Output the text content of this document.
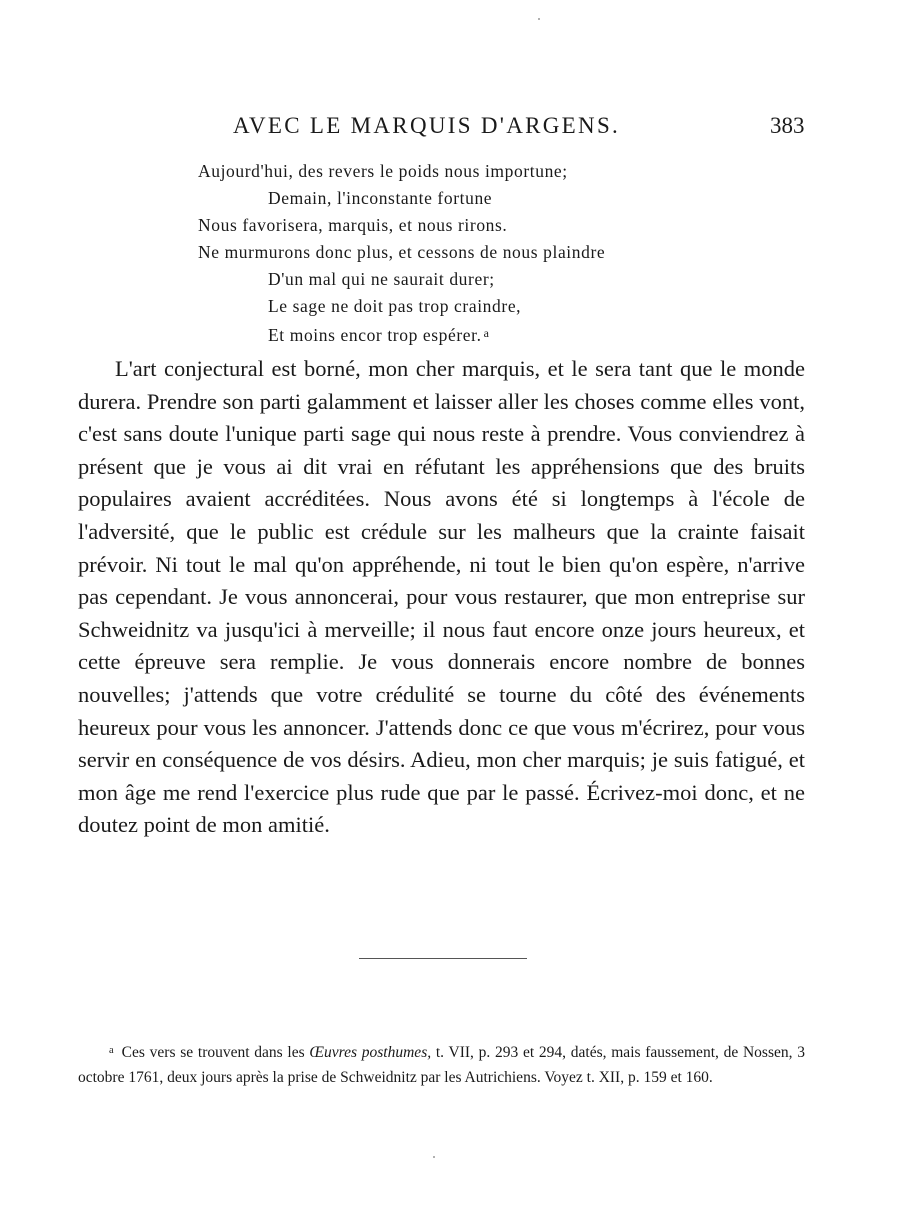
AVEC LE MARQUIS D'ARGENS.	383
Aujourd'hui, des revers le poids nous importune;
Demain, l'inconstante fortune
Nous favorisera, marquis, et nous rirons.
Ne murmurons donc plus, et cessons de nous plaindre
D'un mal qui ne saurait durer;
Le sage ne doit pas trop craindre,
Et moins encor trop espérer. $^a$

L'art conjectural est borné, mon cher marquis, et le sera tant que le monde durera. Prendre son parti galamment et laisser aller les choses comme elles vont, c'est sans doute l'unique parti sage qui nous reste à prendre. Vous conviendrez à présent que je vous ai dit vrai en réfutant les appréhensions que des bruits populaires avaient accréditées. Nous avons été si longtemps à l'école de l'adversité, que le public est crédule sur les malheurs que la crainte faisait prévoir. Ni tout le mal qu'on appréhende, ni tout le bien qu'on espère, n'arrive pas cependant. Je vous annoncerai, pour vous restaurer, que mon entreprise sur Schweidnitz va jusqu'ici à merveille; il nous faut encore onze jours heureux, et cette épreuve sera remplie. Je vous donnerais encore nombre de bonnes nouvelles; j'attends que votre crédulité se tourne du côté des événements heureux pour vous les annoncer. J'attends donc ce que vous m'écrirez, pour vous servir en conséquence de vos désirs. Adieu, mon cher marquis; je suis fatigué, et mon âge me rend l'exercice plus rude que par le passé. Écrivez-moi donc, et ne doutez point de mon amitié.

$^a$ Ces vers se trouvent dans les Œuvres posthumes, t. VII, p. 293 et 294, datés, mais faussement, de Nossen, 3 octobre 1761, deux jours après la prise de Schweidnitz par les Autrichiens. Voyez t. XII, p. 159 et 160.
